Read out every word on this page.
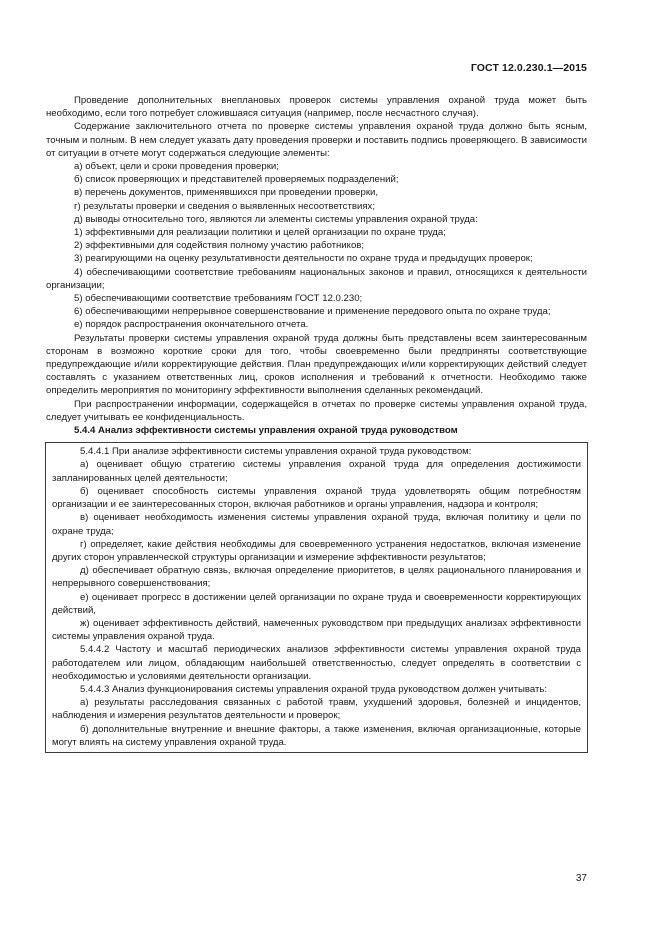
ГОСТ 12.0.230.1—2015

Проведение дополнительных внеплановых проверок системы управления охраной труда может быть необходимо, если того потребует сложившаяся ситуация (например, после несчастного случая).

Содержание заключительного отчета по проверке системы управления охраной труда должно быть ясным, точным и полным. В нем следует указать дату проведения проверки и поставить подпись проверяющего. В зависимости от ситуации в отчете могут содержаться следующие элементы:

а) объект, цели и сроки проведения проверки;

б) список проверяющих и представителей проверяемых подразделений;

в) перечень документов, применявшихся при проведении проверки,

г) результаты проверки и сведения о выявленных несоответствиях;

д) выводы относительно того, являются ли элементы системы управления охраной труда:

1) эффективными для реализации политики и целей организации по охране труда;

2) эффективными для содействия полному участию работников;

3) реагирующими на оценку результативности деятельности по охране труда и предыдущих проверок;

4) обеспечивающими соответствие требованиям национальных законов и правил, относящихся к деятельности организации;

5) обеспечивающими соответствие требованиям ГОСТ 12.0.230;

6) обеспечивающими непрерывное совершенствование и применение передового опыта по охране труда;

е) порядок распространения окончательного отчета.

Результаты проверки системы управления охраной труда должны быть представлены всем заинтересованным сторонам в возможно короткие сроки для того, чтобы своевременно были предприняты соответствующие предупреждающие и/или корректирующие действия. План предупреждающих и/или корректирующих действий следует составлять с указанием ответственных лиц, сроков исполнения и требований к отчетности. Необходимо также определить мероприятия по мониторингу эффективности выполнения сделанных рекомендаций.

При распространении информации, содержащейся в отчетах по проверке системы управления охраной труда, следует учитывать ее конфиденциальность.

5.4.4 Анализ эффективности системы управления охраной труда руководством

5.4.4.1 При анализе эффективности системы управления охраной труда руководством:

а) оценивает общую стратегию системы управления охраной труда для определения достижимости запланированных целей деятельности;

б) оценивает способность системы управления охраной труда удовлетворять общим потребностям организации и ее заинтересованных сторон, включая работников и органы управления, надзора и контроля;

в) оценивает необходимость изменения системы управления охраной труда, включая политику и цели по охране труда;

г) определяет, какие действия необходимы для своевременного устранения недостатков, включая изменение других сторон управленческой структуры организации и измерение эффективности результатов;

д) обеспечивает обратную связь, включая определение приоритетов, в целях рационального планирования и непрерывного совершенствования;

е) оценивает прогресс в достижении целей организации по охране труда и своевременности корректирующих действий,

ж) оценивает эффективность действий, намеченных руководством при предыдущих анализах эффективности системы управления охраной труда.

5.4.4.2 Частоту и масштаб периодических анализов эффективности системы управления охраной труда работодателем или лицом, обладающим наибольшей ответственностью, следует определять в соответствии с необходимостью и условиями деятельности организации.

5.4.4.3 Анализ функционирования системы управления охраной труда руководством должен учитывать:

а) результаты расследования связанных с работой травм, ухудшений здоровья, болезней и инцидентов, наблюдения и измерения результатов деятельности и проверок;

б) дополнительные внутренние и внешние факторы, а также изменения, включая организационные, которые могут влиять на систему управления охраной труда.

37
